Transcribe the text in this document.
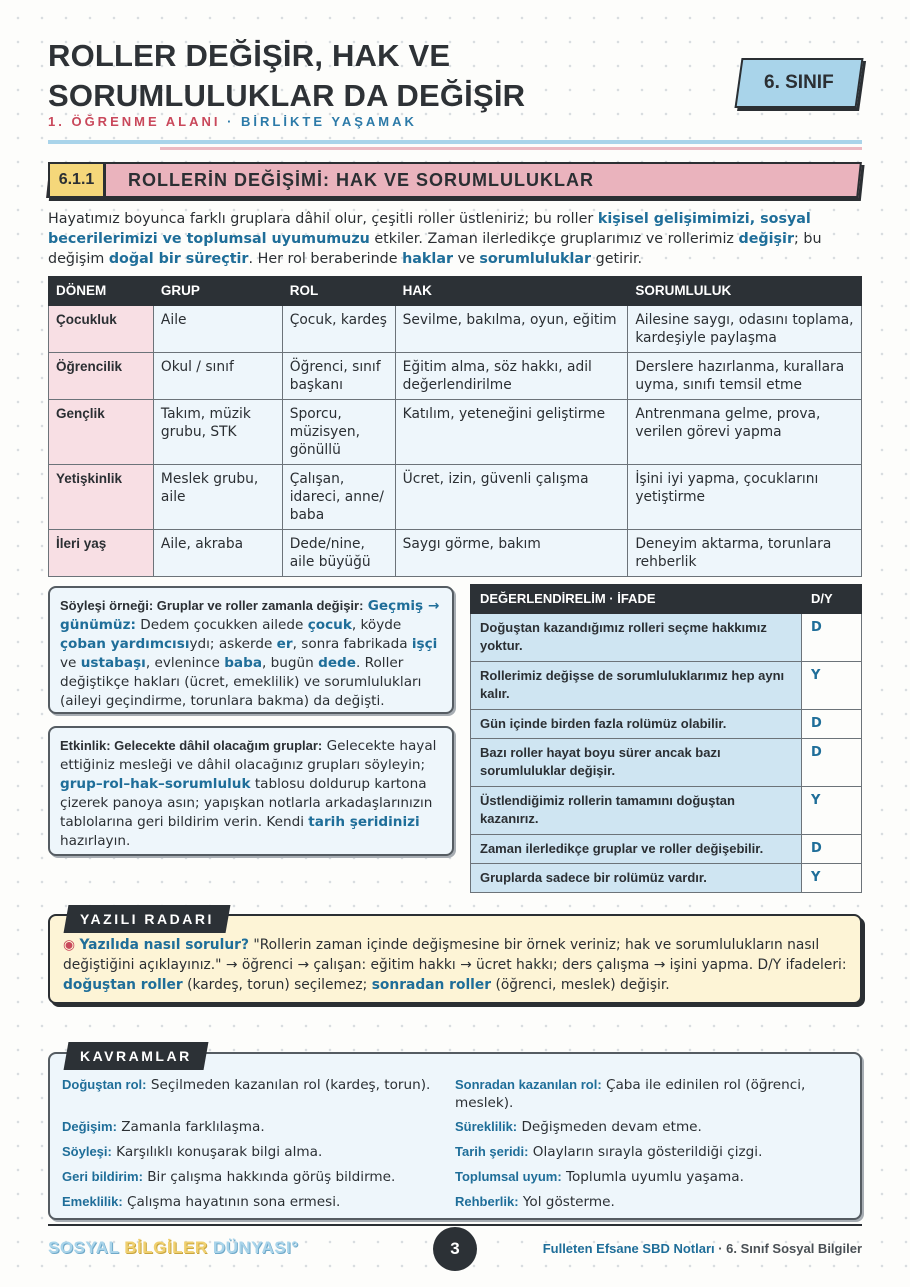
ROLLER DEĞİŞİR, HAK VE SORUMLULUKLAR DA DEĞİŞİR
1. ÖĞRENME ALANI · BİRLİKTE YAŞAMAK
6. SINIF
6.1.1	ROLLERİN DEĞİŞİMİ: HAK VE SORUMLULUKLAR
Hayatımız boyunca farklı gruplara dâhil olur, çeşitli roller üstleniriz; bu roller kişisel gelişimimizi, sosyal becerilerimizi ve toplumsal uyumumuzu etkiler. Zaman ilerledikçe gruplarımız ve rollerimiz değişir; bu değişim doğal bir süreçtir. Her rol beraberinde haklar ve sorumluluklar getirir.
DÖNEM	GRUP	ROL	HAK	SORUMLULUK
Çocukluk	Aile	Çocuk, kardeş	Sevilme, bakılma, oyun, eğitim	Ailesine saygı, odasını toplama, kardeşiyle paylaşma
Öğrencilik	Okul / sınıf	Öğrenci, sınıf başkanı	Eğitim alma, söz hakkı, adil değerlendirilme	Derslere hazırlanma, kurallara uyma, sınıfı temsil etme
Gençlik	Takım, müzik grubu, STK	Sporcu, müzisyen, gönüllü	Katılım, yeteneğini geliştirme	Antrenmana gelme, prova, verilen görevi yapma
Yetişkinlik	Meslek grubu, aile	Çalışan, idareci, anne/ baba	Ücret, izin, güvenli çalışma	İşini iyi yapma, çocuklarını yetiştirme
İleri yaş	Aile, akraba	Dede/nine, aile büyüğü	Saygı görme, bakım	Deneyim aktarma, torunlara rehberlik
Söyleşi örneği: Gruplar ve roller zamanla değişir: Geçmiş → günümüz: Dedem çocukken ailede çocuk, köyde çoban yardımcısıydı; askerde er, sonra fabrikada işçi ve ustabaşı, evlenince baba, bugün dede. Roller değiştikçe hakları (ücret, emeklilik) ve sorumlulukları (aileyi geçindirme, torunlara bakma) da değişti.
Etkinlik: Gelecekte dâhil olacağım gruplar: Gelecekte hayal ettiğiniz mesleği ve dâhil olacağınız grupları söyleyin; grup–rol–hak–sorumluluk tablosu doldurup kartona çizerek panoya asın; yapışkan notlarla arkadaşlarınızın tablolarına geri bildirim verin. Kendi tarih şeridinizi hazırlayın.
DEĞERLENDİRELİM · İFADE	D/Y
Doğuştan kazandığımız rolleri seçme hakkımız yoktur.	D
Rollerimiz değişse de sorumluluklarımız hep aynı kalır.	Y
Gün içinde birden fazla rolümüz olabilir.	D
Bazı roller hayat boyu sürer ancak bazı sorumluluklar değişir.	D
Üstlendiğimiz rollerin tamamını doğuştan kazanırız.	Y
Zaman ilerledikçe gruplar ve roller değişebilir.	D
Gruplarda sadece bir rolümüz vardır.	Y
YAZILI RADARI
◉ Yazılıda nasıl sorulur? "Rollerin zaman içinde değişmesine bir örnek veriniz; hak ve sorumlulukların nasıl değiştiğini açıklayınız." → öğrenci → çalışan: eğitim hakkı → ücret hakkı; ders çalışma → işini yapma. D/Y ifadeleri: doğuştan roller (kardeş, torun) seçilemez; sonradan roller (öğrenci, meslek) değişir.
KAVRAMLAR
Doğuştan rol: Seçilmeden kazanılan rol (kardeş, torun).	Sonradan kazanılan rol: Çaba ile edinilen rol (öğrenci, meslek).
Değişim: Zamanla farklılaşma.	Süreklilik: Değişmeden devam etme.
Söyleşi: Karşılıklı konuşarak bilgi alma.	Tarih şeridi: Olayların sırayla gösterildiği çizgi.
Geri bildirim: Bir çalışma hakkında görüş bildirme.	Toplumsal uyum: Toplumla uyumlu yaşama.
Emeklilik: Çalışma hayatının sona ermesi.	Rehberlik: Yol gösterme.
SOSYAL BİLGİLER DÜNYASI°	3	Fulleten Efsane SBD Notları · 6. Sınıf Sosyal Bilgiler
